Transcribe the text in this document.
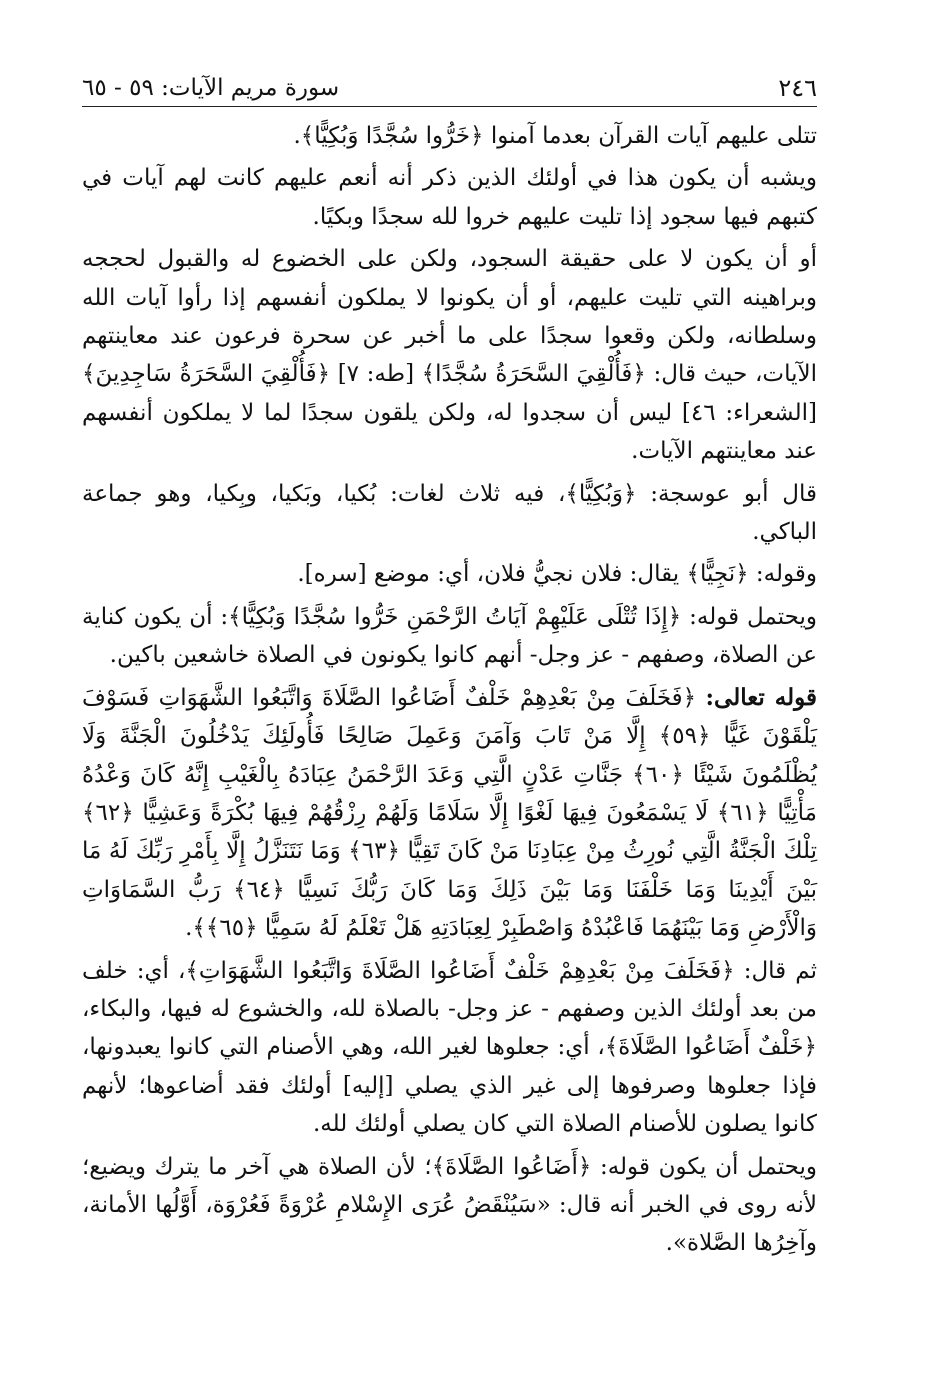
٢٤٦
سورة مريم الآيات: ٥٩ - ٦٥

تتلى عليهم آيات القرآن بعدما آمنوا ﴿خَرُّوا سُجَّدًا وَبُكِيًّا﴾.

ويشبه أن يكون هذا في أولئك الذين ذكر أنه أنعم عليهم كانت لهم آيات في كتبهم فيها سجود إذا تليت عليهم خروا لله سجدًا وبكيًا.

أو أن يكون لا على حقيقة السجود، ولكن على الخضوع له والقبول لحججه وبراهينه التي تليت عليهم، أو أن يكونوا لا يملكون أنفسهم إذا رأوا آيات الله وسلطانه، ولكن وقعوا سجدًا على ما أخبر عن سحرة فرعون عند معاينتهم الآيات، حيث قال: ﴿فَأُلْقِيَ السَّحَرَةُ سُجَّدًا﴾ [طه: ٧] ﴿فَأُلْقِيَ السَّحَرَةُ سَاجِدِينَ﴾ [الشعراء: ٤٦] ليس أن سجدوا له، ولكن يلقون سجدًا لما لا يملكون أنفسهم عند معاينتهم الآيات.

قال أبو عوسجة: ﴿وَبُكِيًّا﴾، فيه ثلاث لغات: بُكيا، وبَكيا، وبِكيا، وهو جماعة الباكي.

وقوله: ﴿نَجِيًّا﴾ يقال: فلان نجيُّ فلان، أي: موضع [سره].

ويحتمل قوله: ﴿إِذَا تُتْلَى عَلَيْهِمْ آيَاتُ الرَّحْمَنِ خَرُّوا سُجَّدًا وَبُكِيًّا﴾: أن يكون كناية عن الصلاة، وصفهم - عز وجل- أنهم كانوا يكونون في الصلاة خاشعين باكين.

قوله تعالى: ﴿فَخَلَفَ مِنْ بَعْدِهِمْ خَلْفٌ أَضَاعُوا الصَّلَاةَ وَاتَّبَعُوا الشَّهَوَاتِ فَسَوْفَ يَلْقَوْنَ غَيًّا ﴿٥٩﴾ إِلَّا مَنْ تَابَ وَآمَنَ وَعَمِلَ صَالِحًا فَأُولَئِكَ يَدْخُلُونَ الْجَنَّةَ وَلَا يُظْلَمُونَ شَيْئًا ﴿٦٠﴾ جَنَّاتِ عَدْنٍ الَّتِي وَعَدَ الرَّحْمَنُ عِبَادَهُ بِالْغَيْبِ إِنَّهُ كَانَ وَعْدُهُ مَأْتِيًّا ﴿٦١﴾ لَا يَسْمَعُونَ فِيهَا لَغْوًا إِلَّا سَلَامًا وَلَهُمْ رِزْقُهُمْ فِيهَا بُكْرَةً وَعَشِيًّا ﴿٦٢﴾ تِلْكَ الْجَنَّةُ الَّتِي نُورِثُ مِنْ عِبَادِنَا مَنْ كَانَ تَقِيًّا ﴿٦٣﴾ وَمَا نَتَنَزَّلُ إِلَّا بِأَمْرِ رَبِّكَ لَهُ مَا بَيْنَ أَيْدِينَا وَمَا خَلْفَنَا وَمَا بَيْنَ ذَلِكَ وَمَا كَانَ رَبُّكَ نَسِيًّا ﴿٦٤﴾ رَبُّ السَّمَاوَاتِ وَالْأَرْضِ وَمَا بَيْنَهُمَا فَاعْبُدْهُ وَاصْطَبِرْ لِعِبَادَتِهِ هَلْ تَعْلَمُ لَهُ سَمِيًّا ﴿٦٥﴾﴾.

ثم قال: ﴿فَخَلَفَ مِنْ بَعْدِهِمْ خَلْفٌ أَضَاعُوا الصَّلَاةَ وَاتَّبَعُوا الشَّهَوَاتِ﴾، أي: خلف من بعد أولئك الذين وصفهم - عز وجل- بالصلاة لله، والخشوع له فيها، والبكاء، ﴿خَلْفٌ أَضَاعُوا الصَّلَاةَ﴾، أي: جعلوها لغير الله، وهي الأصنام التي كانوا يعبدونها، فإذا جعلوها وصرفوها إلى غير الذي يصلي [إليه] أولئك فقد أضاعوها؛ لأنهم كانوا يصلون للأصنام الصلاة التي كان يصلي أولئك لله.

ويحتمل أن يكون قوله: ﴿أَضَاعُوا الصَّلَاةَ﴾؛ لأن الصلاة هي آخر ما يترك ويضيع؛ لأنه روى في الخبر أنه قال: «سَيُنْقَضُ عُرَى الإِسْلامِ عُرْوَةً فَعُرْوَة، أَوَّلُها الأمانة، وآخِرُها الصَّلاة».
